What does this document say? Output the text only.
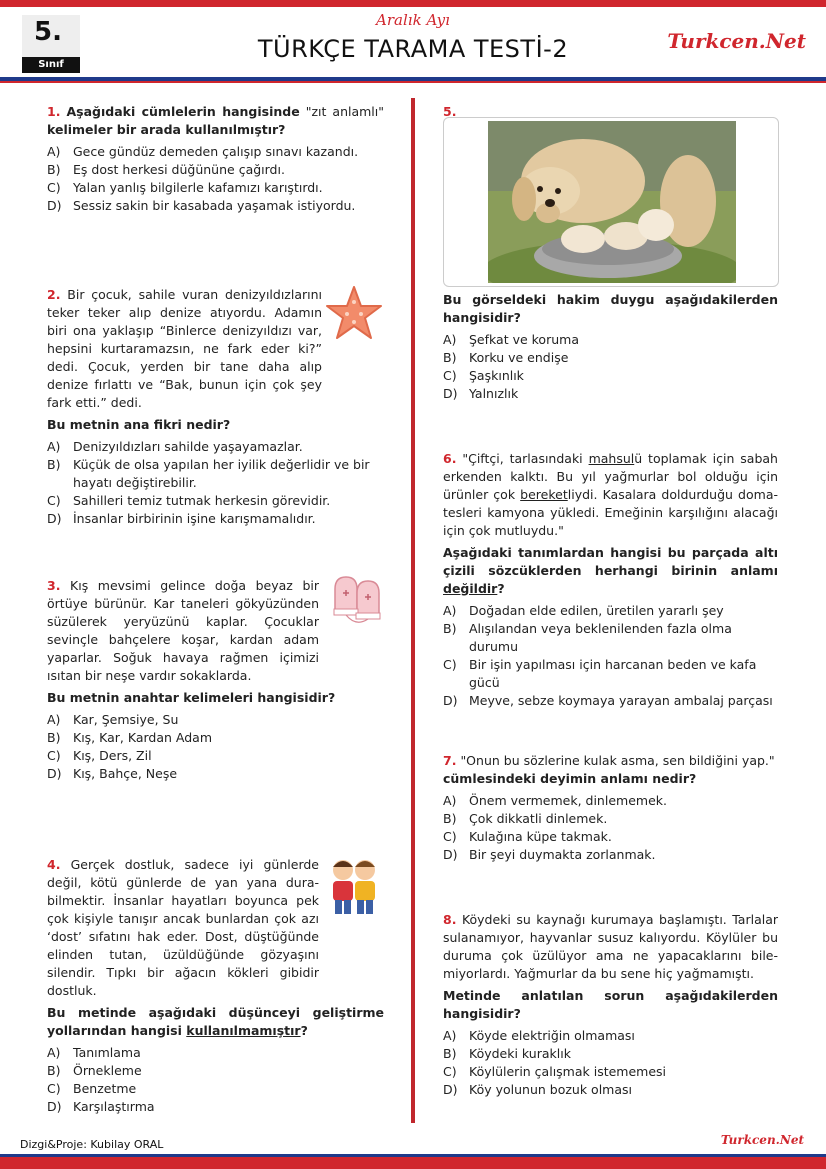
5.
Sınıf
Aralık Ayı
TÜRKÇE TARAMA TESTİ-2	Turkcen.Net

1. Aşağıdaki cümlelerin hangisinde "zıt anlamlı" kelimeler bir arada kullanılmıştır?

A)	Gece gündüz demeden çalışıp sınavı kazandı.
B)	Eş dost herkesi düğününe çağırdı.
C) Yalan yanlış bilgilerle kafamızı karıştırdı.
D) Sessiz sakin bir kasabada yaşamak istiyordu.

2. Bir çocuk, sahile vuran denizyıldızlarını teker teker alıp denize atıyordu. Adamın biri ona yaklaşıp “Binlerce denizyıldızı var, hepsini kurtaramazsın, ne fark eder ki?” dedi. Çocuk, yerden bir tane daha alıp denize fırlattı ve “Bak, bunun için çok şey fark etti.” dedi.

Bu metnin ana fikri nedir?

A)	Denizyıldızları sahilde yaşayamazlar.
B)	Küçük de olsa yapılan her iyilik değerlidir ve bir hayatı değiştirebilir.
C) Sahilleri temiz tutmak herkesin görevidir.
D) İnsanlar birbirinin işine karışmamalıdır.

3. Kış mevsimi gelince doğa beyaz bir örtüye bürünür. Kar taneleri gökyüzünden süzülerek yeryüzünü kaplar. Çocuklar sevinçle bahçelere koşar, kardan adam yaparlar. Soğuk havaya rağmen içimizi ısıtan bir neşe vardır sokaklarda.

Bu metnin anahtar kelimeleri hangisidir?

A)	Kar, Şemsiye, Su
B)	Kış, Kar, Kardan Adam
C) Kış, Ders, Zil
D) Kış, Bahçe, Neşe

4. Gerçek dostluk, sadece iyi günlerde değil, kötü günlerde de yan yana dura-bilmektir. İnsanlar hayatları boyunca pek çok kişiyle tanışır ancak bunlardan çok azı ‘dost’ sıfatını hak eder. Dost, düştüğünde elinden tutan, üzüldüğünde gözyaşını silendir. Tıpkı bir ağacın kökleri gibidir dostluk.

Bu metinde aşağıdaki düşünceyi geliştirme yollarından hangisi kullanılmamıştır?

A)	Tanımlama
B)	Örnekleme
C) Benzetme
D) Karşılaştırma
5.

Bu görseldeki hakim duygu aşağıdakilerden hangisidir?

A)	Şefkat ve koruma
B)	Korku ve endişe
C) Şaşkınlık
D) Yalnızlık

6. "Çiftçi, tarlasındaki mahsulü toplamak için sabah erkenden kalktı. Bu yıl yağmurlar bol olduğu için ürünler çok bereketliydi. Kasalara doldurduğu doma-tesleri kamyona yükledi. Emeğinin karşılığını alacağı için çok mutluydu."

Aşağıdaki tanımlardan hangisi bu parçada altı çizili sözcüklerden herhangi birinin anlamı değildir?

A)	Doğadan elde edilen, üretilen yararlı şey
B)	Alışılandan veya beklenilenden fazla olma durumu
C) Bir işin yapılması için harcanan beden ve kafa gücü
D) Meyve, sebze koymaya yarayan ambalaj parçası

7. "Onun bu sözlerine kulak asma, sen bildiğini yap."

cümlesindeki deyimin anlamı nedir?

A)	Önem vermemek, dinlememek.
B)	Çok dikkatli dinlemek.
C) Kulağına küpe takmak.
D) Bir şeyi duymakta zorlanmak.

8. Köydeki su kaynağı kurumaya başlamıştı. Tarlalar sulanamıyor, hayvanlar susuz kalıyordu. Köylüler bu duruma çok üzülüyor ama ne yapacaklarını bile-miyorlardı. Yağmurlar da bu sene hiç yağmamıştı.

Metinde anlatılan sorun aşağıdakilerden hangisidir?

A)	Köyde elektriğin olmaması
B)	Köydeki kuraklık
C) Köylülerin çalışmak istememesi
D) Köy yolunun bozuk olması
Dizgi&Proje: Kubilay ORAL	Turkcen.Net
